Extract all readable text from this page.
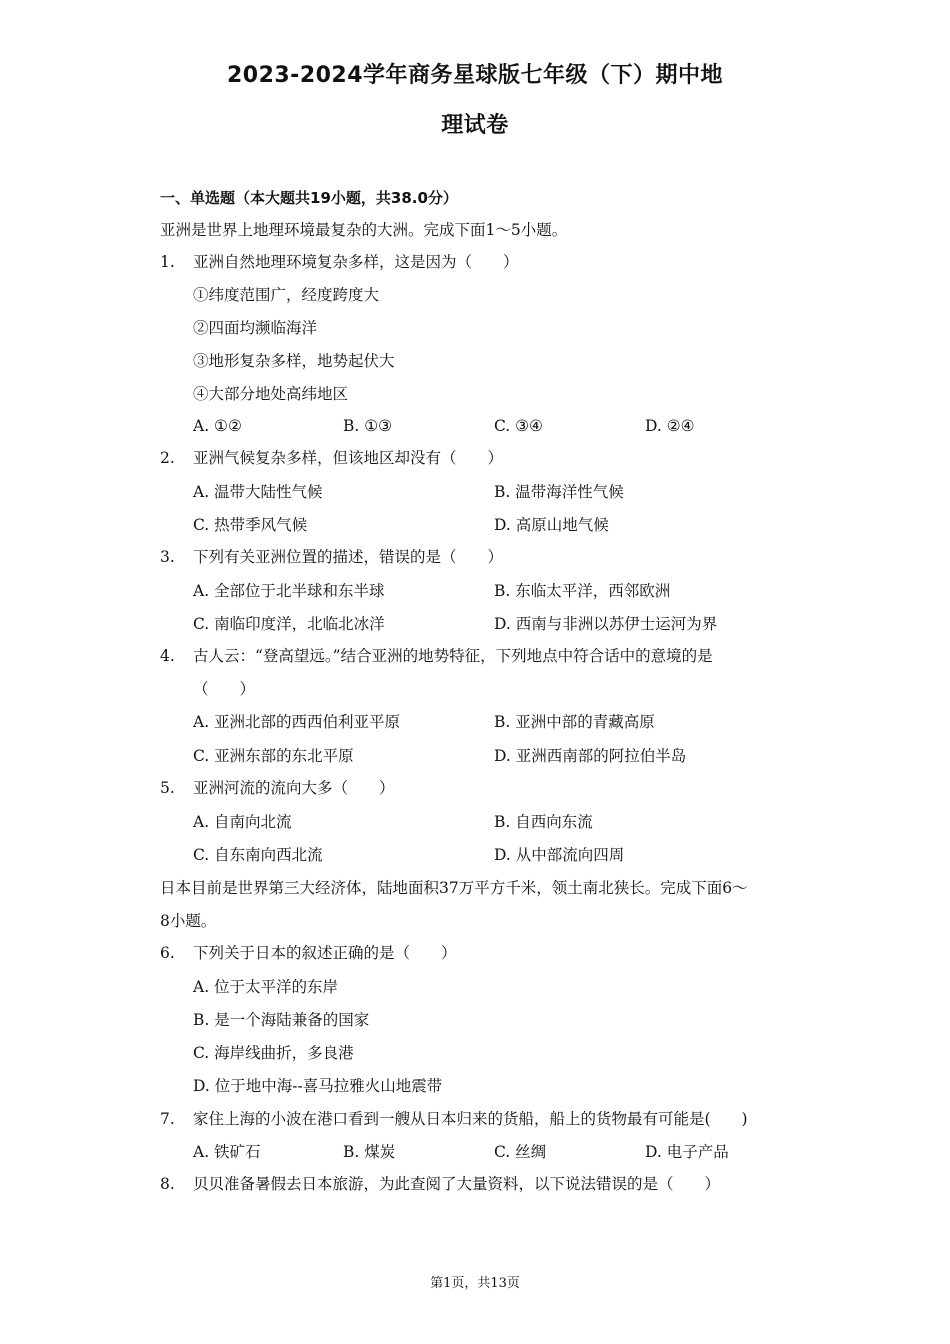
2023-2024学年商务星球版七年级（下）期中地
理试卷
一、单选题（本大题共19小题，共38.0分）
亚洲是世界上地理环境最复杂的大洲。完成下面1～5小题。
1. 亚洲自然地理环境复杂多样，这是因为（　　）
①纬度范围广，经度跨度大
②四面均濒临海洋
③地形复杂多样，地势起伏大
④大部分地处高纬地区
A. ①②	B. ①③	C. ③④	D. ②④
2. 亚洲气候复杂多样，但该地区却没有（　　）
A. 温带大陆性气候	B. 温带海洋性气候
C. 热带季风气候	D. 高原山地气候
3. 下列有关亚洲位置的描述，错误的是（　　）
A. 全部位于北半球和东半球	B. 东临太平洋，西邻欧洲
C. 南临印度洋，北临北冰洋	D. 西南与非洲以苏伊士运河为界
4. 古人云：“登高望远。”结合亚洲的地势特征，下列地点中符合话中的意境的是
（　　）
A. 亚洲北部的西西伯利亚平原	B. 亚洲中部的青藏高原
C. 亚洲东部的东北平原	D. 亚洲西南部的阿拉伯半岛
5. 亚洲河流的流向大多（　　）
A. 自南向北流	B. 自西向东流
C. 自东南向西北流	D. 从中部流向四周
日本目前是世界第三大经济体，陆地面积37万平方千米，领土南北狭长。完成下面6～
8小题。
6. 下列关于日本的叙述正确的是（　　）
A. 位于太平洋的东岸
B. 是一个海陆兼备的国家
C. 海岸线曲折，多良港
D. 位于地中海--喜马拉雅火山地震带
7. 家住上海的小波在港口看到一艘从日本归来的货船，船上的货物最有可能是(　　)
A. 铁矿石	B. 煤炭	C. 丝绸	D. 电子产品
8. 贝贝准备暑假去日本旅游，为此查阅了大量资料，以下说法错误的是（　　）
第1页，共13页
